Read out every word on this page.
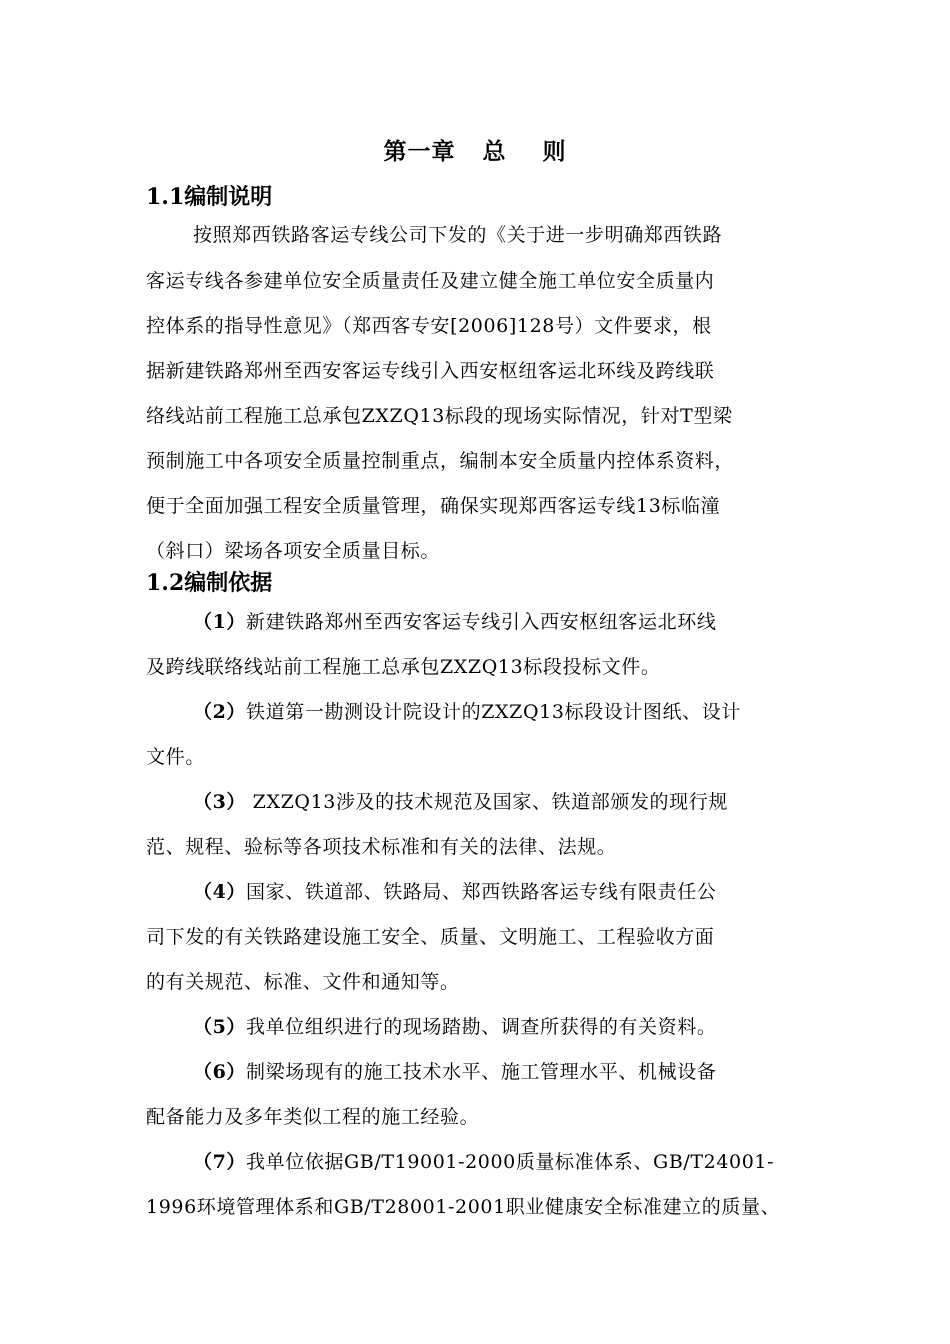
第一章   总    则
1.1编制说明
按照郑西铁路客运专线公司下发的《关于进一步明确郑西铁路
客运专线各参建单位安全质量责任及建立健全施工单位安全质量内
控体系的指导性意见》（郑西客专安[2006]128号）文件要求，根
据新建铁路郑州至西安客运专线引入西安枢纽客运北环线及跨线联
络线站前工程施工总承包ZXZQ13标段的现场实际情况，针对T型梁
预制施工中各项安全质量控制重点，编制本安全质量内控体系资料，
便于全面加强工程安全质量管理，确保实现郑西客运专线13标临潼
（斜口）梁场各项安全质量目标。
1.2编制依据
（1）新建铁路郑州至西安客运专线引入西安枢纽客运北环线
及跨线联络线站前工程施工总承包ZXZQ13标段投标文件。
（2）铁道第一勘测设计院设计的ZXZQ13标段设计图纸、设计
文件。
（3） ZXZQ13涉及的技术规范及国家、铁道部颁发的现行规
范、规程、验标等各项技术标准和有关的法律、法规。
（4）国家、铁道部、铁路局、郑西铁路客运专线有限责任公
司下发的有关铁路建设施工安全、质量、文明施工、工程验收方面
的有关规范、标准、文件和通知等。
（5）我单位组织进行的现场踏勘、调查所获得的有关资料。
（6）制梁场现有的施工技术水平、施工管理水平、机械设备
配备能力及多年类似工程的施工经验。
（7）我单位依据GB/T19001-2000质量标准体系、GB/T24001-
1996环境管理体系和GB/T28001-2001职业健康安全标准建立的质量、
